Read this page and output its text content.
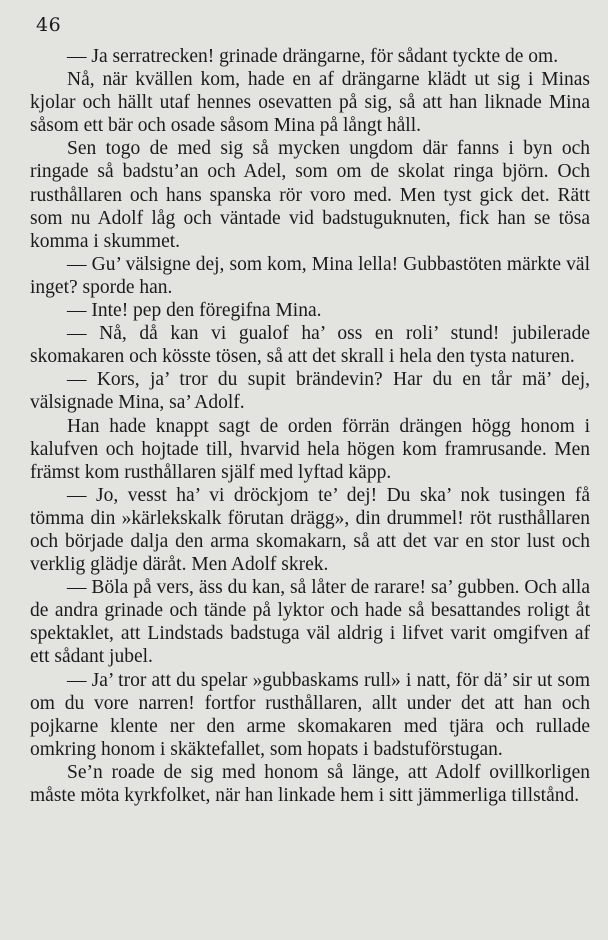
46

— Ja serratrecken! grinade drängarne, för sådant tyckte de om.

Nå, när kvällen kom, hade en af drängarne klädt ut sig i Minas kjolar och hällt utaf hennes osevatten på sig, så att han liknade Mina såsom ett bär och osade såsom Mina på långt håll.

Sen togo de med sig så mycken ungdom där fanns i byn och ringade så badstu’an och Adel, som om de skolat ringa björn. Och rusthållaren och hans spanska rör voro med. Men tyst gick det. Rätt som nu Adolf låg och väntade vid badstuguknuten, fick han se tösa komma i skummet.

— Gu’ välsigne dej, som kom, Mina lella! Gubbastöten märkte väl inget? sporde han.

— Inte! pep den föregifna Mina.

— Nå, då kan vi gualof ha’ oss en roli’ stund! jubilerade skomakaren och kösste tösen, så att det skrall i hela den tysta naturen.

— Kors, ja’ tror du supit brändevin? Har du en tår mä’ dej, välsignade Mina, sa’ Adolf.

Han hade knappt sagt de orden förrän drängen högg honom i kalufven och hojtade till, hvarvid hela högen kom framrusande. Men främst kom rusthållaren själf med lyftad käpp.

— Jo, vesst ha’ vi dröckjom te’ dej! Du ska’ nok tusingen få tömma din »kärlekskalk förutan drägg», din drummel! röt rusthållaren och började dalja den arma skomakarn, så att det var en stor lust och verklig glädje däråt. Men Adolf skrek.

— Böla på vers, äss du kan, så låter de rarare! sa’ gubben. Och alla de andra grinade och tände på lyktor och hade så besattandes roligt åt spektaklet, att Lindstads badstuga väl aldrig i lifvet varit omgifven af ett sådant jubel.

— Ja’ tror att du spelar »gubbaskams rull» i natt, för dä’ sir ut som om du vore narren! fortfor rusthållaren, allt under det att han och pojkarne klente ner den arme skomakaren med tjära och rullade omkring honom i skäktefallet, som hopats i badstuförstugan.

Se’n roade de sig med honom så länge, att Adolf ovillkorligen måste möta kyrkfolket, när han linkade hem i sitt jämmerliga tillstånd.
